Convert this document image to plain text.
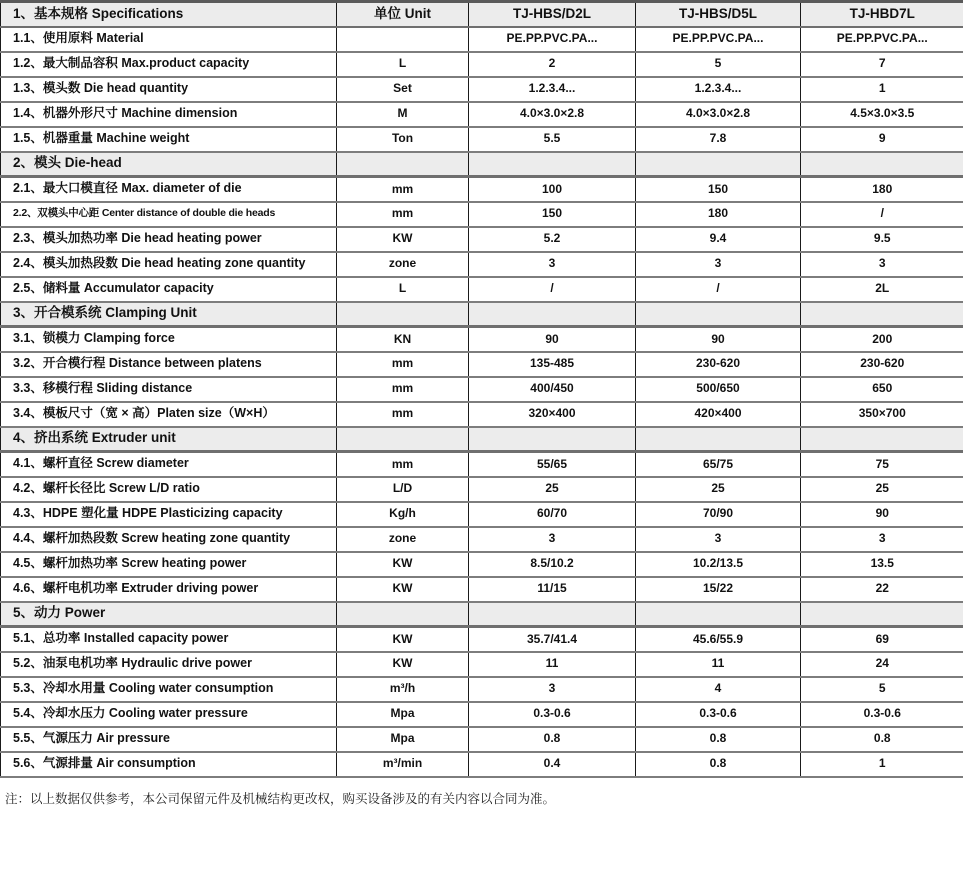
1、基本规格 Specifications	单位 Unit	TJ-HBS/D2L	TJ-HBS/D5L	TJ-HBD7L
1.1、使用原料 Material		PE.PP.PVC.PA...	PE.PP.PVC.PA...	PE.PP.PVC.PA...
1.2、最大制品容积 Max.product capacity	L	2	5	7
1.3、模头数 Die head quantity	Set	1.2.3.4...	1.2.3.4...	1
1.4、机器外形尺寸 Machine dimension	M	4.0×3.0×2.8	4.0×3.0×2.8	4.5×3.0×3.5
1.5、机器重量 Machine weight	Ton	5.5	7.8	9
2、模头 Die-head				
2.1、最大口模直径 Max. diameter of die	mm	100	150	180
2.2、双模头中心距 Center distance of double die heads	mm	150	180	/
2.3、模头加热功率 Die head heating power	KW	5.2	9.4	9.5
2.4、模头加热段数 Die head heating zone quantity	zone	3	3	3
2.5、储料量 Accumulator capacity	L	/	/	2L
3、开合模系统 Clamping Unit				
3.1、锁模力 Clamping force	KN	90	90	200
3.2、开合模行程 Distance between platens	mm	135-485	230-620	230-620
3.3、移模行程 Sliding distance	mm	400/450	500/650	650
3.4、模板尺寸（宽 × 高）Platen size（W×H）	mm	320×400	420×400	350×700
4、挤出系统 Extruder unit				
4.1、螺杆直径 Screw diameter	mm	55/65	65/75	75
4.2、螺杆长径比 Screw L/D ratio	L/D	25	25	25
4.3、HDPE 塑化量 HDPE Plasticizing capacity	Kg/h	60/70	70/90	90
4.4、螺杆加热段数 Screw heating zone quantity	zone	3	3	3
4.5、螺杆加热功率 Screw heating power	KW	8.5/10.2	10.2/13.5	13.5
4.6、螺杆电机功率 Extruder driving power	KW	11/15	15/22	22
5、动力 Power				
5.1、总功率 Installed capacity power	KW	35.7/41.4	45.6/55.9	69
5.2、油泵电机功率 Hydraulic drive power	KW	11	11	24
5.3、冷却水用量 Cooling water consumption	m³/h	3	4	5
5.4、冷却水压力 Cooling water pressure	Mpa	0.3-0.6	0.3-0.6	0.3-0.6
5.5、气源压力 Air pressure	Mpa	0.8	0.8	0.8
5.6、气源排量 Air consumption	m³/min	0.4	0.8	1
注：以上数据仅供参考，本公司保留元件及机械结构更改权，购买设备涉及的有关内容以合同为准。
